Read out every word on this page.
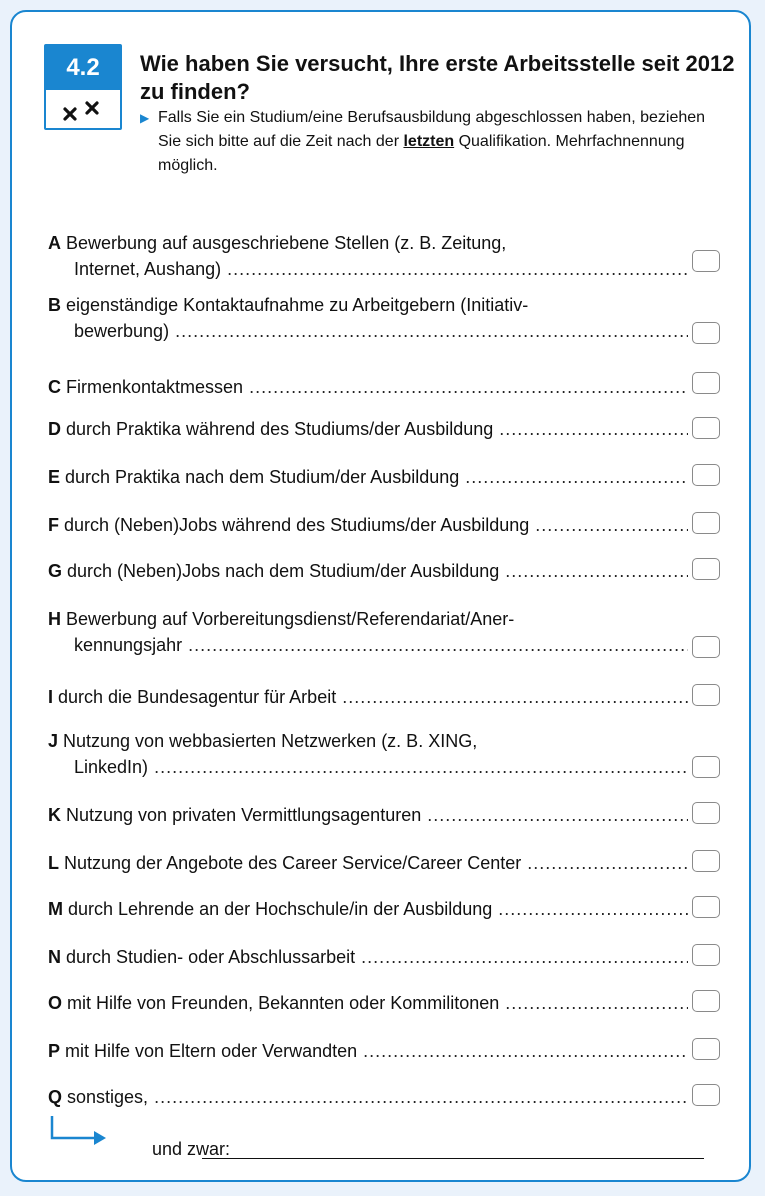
4.2	Wie haben Sie versucht, Ihre erste Arbeitsstelle seit 2012 zu finden?
▶ Falls Sie ein Studium/eine Berufsausbildung abgeschlossen haben, beziehen Sie sich bitte auf die Zeit nach der letzten Qualifikation. Mehrfachnennung möglich.
A Bewerbung auf ausgeschriebene Stellen (z. B. Zeitung,
Internet, Aushang)
.....
B eigenständige Kontaktaufnahme zu Arbeitgebern (Initiativ-
bewerbung)
.....
C Firmenkontaktmessen
.....
D durch Praktika während des Studiums/der Ausbildung
.....
E durch Praktika nach dem Studium/der Ausbildung
.....
F durch (Neben)Jobs während des Studiums/der Ausbildung
.....
G durch (Neben)Jobs nach dem Studium/der Ausbildung
.....
H Bewerbung auf Vorbereitungsdienst/Referendariat/Aner-
kennungsjahr
.....
I durch die Bundesagentur für Arbeit
.....
J Nutzung von webbasierten Netzwerken (z. B. XING,
LinkedIn)
.....
K Nutzung von privaten Vermittlungsagenturen
.....
L Nutzung der Angebote des Career Service/Career Center
.....
M durch Lehrende an der Hochschule/in der Ausbildung
.....
N durch Studien- oder Abschlussarbeit
.....
O mit Hilfe von Freunden, Bekannten oder Kommilitonen
.....
P mit Hilfe von Eltern oder Verwandten
.....
Q sonstiges,
.....
und zwar:
